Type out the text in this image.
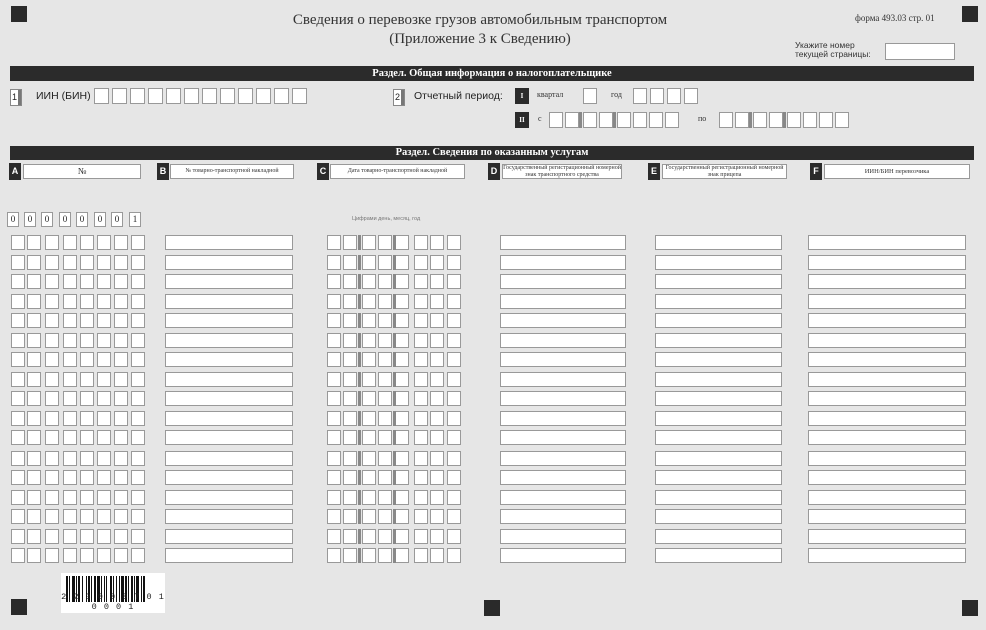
Сведения о перевозке грузов автомобильным транспортом
(Приложение 3 к Сведению)
форма 493.03 стр. 01
Укажите номер
текущей страницы:
Раздел. Общая информация о налогоплательщике
1	ИИН (БИН)	2	Отчетный период:	I	квартал	год
II	с	по
Раздел. Сведения по оказанным услугам
A	№	B	№ товарно-транспортной накладной	C	Дата товарно-транспортной накладной	D Государственный регистрационный номерной знак транспортного средства	E	Государственный регистрационный номерной знак прицепа	F	ИИН/БИН перевозчика
0	0	0	0	0	0	0	1	Цифрами день, месяц, год
2 2 3 0 0 0 7 0 1 0 0 0 1
